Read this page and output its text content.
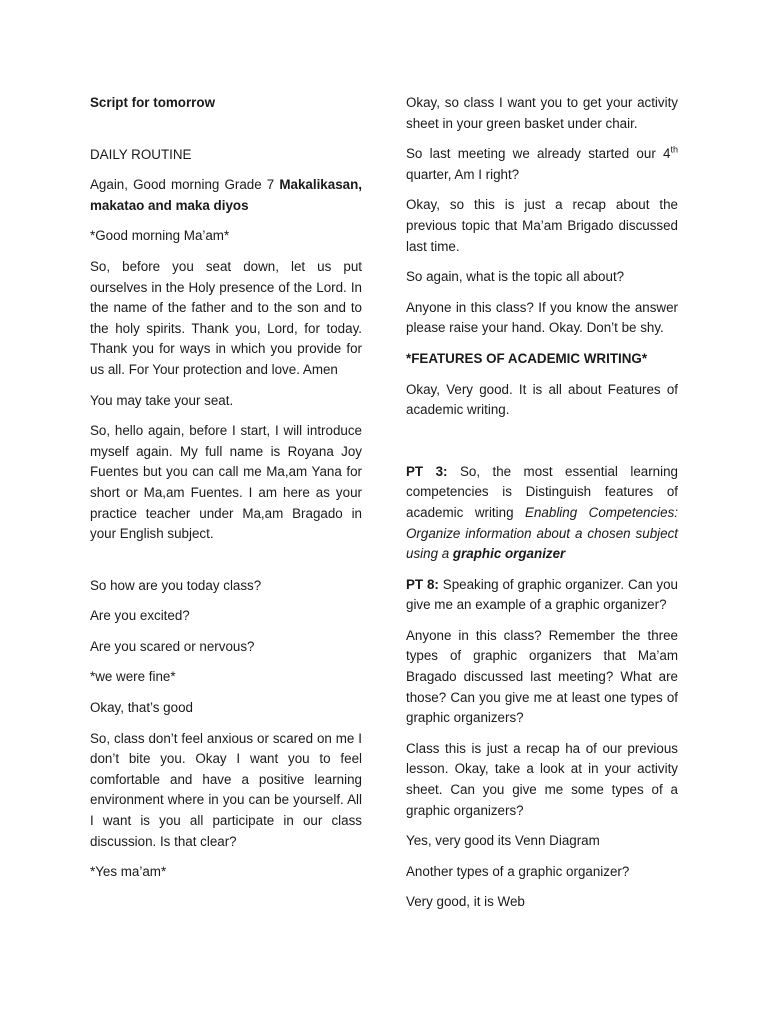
Script for tomorrow

DAILY ROUTINE

Again, Good morning Grade 7 Makalikasan, makatao and maka diyos

*Good morning Ma’am*

So, before you seat down, let us put ourselves in the Holy presence of the Lord. In the name of the father and to the son and to the holy spirits. Thank you, Lord, for today. Thank you for ways in which you provide for us all. For Your protection and love. Amen

You may take your seat.

So, hello again, before I start, I will introduce myself again. My full name is Royana Joy Fuentes but you can call me Ma,am Yana for short or Ma,am Fuentes. I am here as your practice teacher under Ma,am Bragado in your English subject.

So how are you today class?

Are you excited?

Are you scared or nervous?

*we were fine*

Okay, that’s good

So, class don’t feel anxious or scared on me I don’t bite you. Okay I want you to feel comfortable and have a positive learning environment where in you can be yourself. All I want is you all participate in our class discussion. Is that clear?

*Yes ma’am*

Okay, so class I want you to get your activity sheet in your green basket under chair.

So last meeting we already started our 4th quarter, Am I right?

Okay, so this is just a recap about the previous topic that Ma’am Brigado discussed last time.

So again, what is the topic all about?

Anyone in this class? If you know the answer please raise your hand. Okay. Don’t be shy.

*FEATURES OF ACADEMIC WRITING*

Okay, Very good. It is all about Features of academic writing.

PT 3: So, the most essential learning competencies is Distinguish features of academic writing Enabling Competencies: Organize information about a chosen subject using a graphic organizer

PT 8: Speaking of graphic organizer. Can you give me an example of a graphic organizer?

Anyone in this class? Remember the three types of graphic organizers that Ma’am Bragado discussed last meeting? What are those? Can you give me at least one types of graphic organizers?

Class this is just a recap ha of our previous lesson. Okay, take a look at in your activity sheet. Can you give me some types of a graphic organizers?

Yes, very good its Venn Diagram

Another types of a graphic organizer?

Very good, it is Web
